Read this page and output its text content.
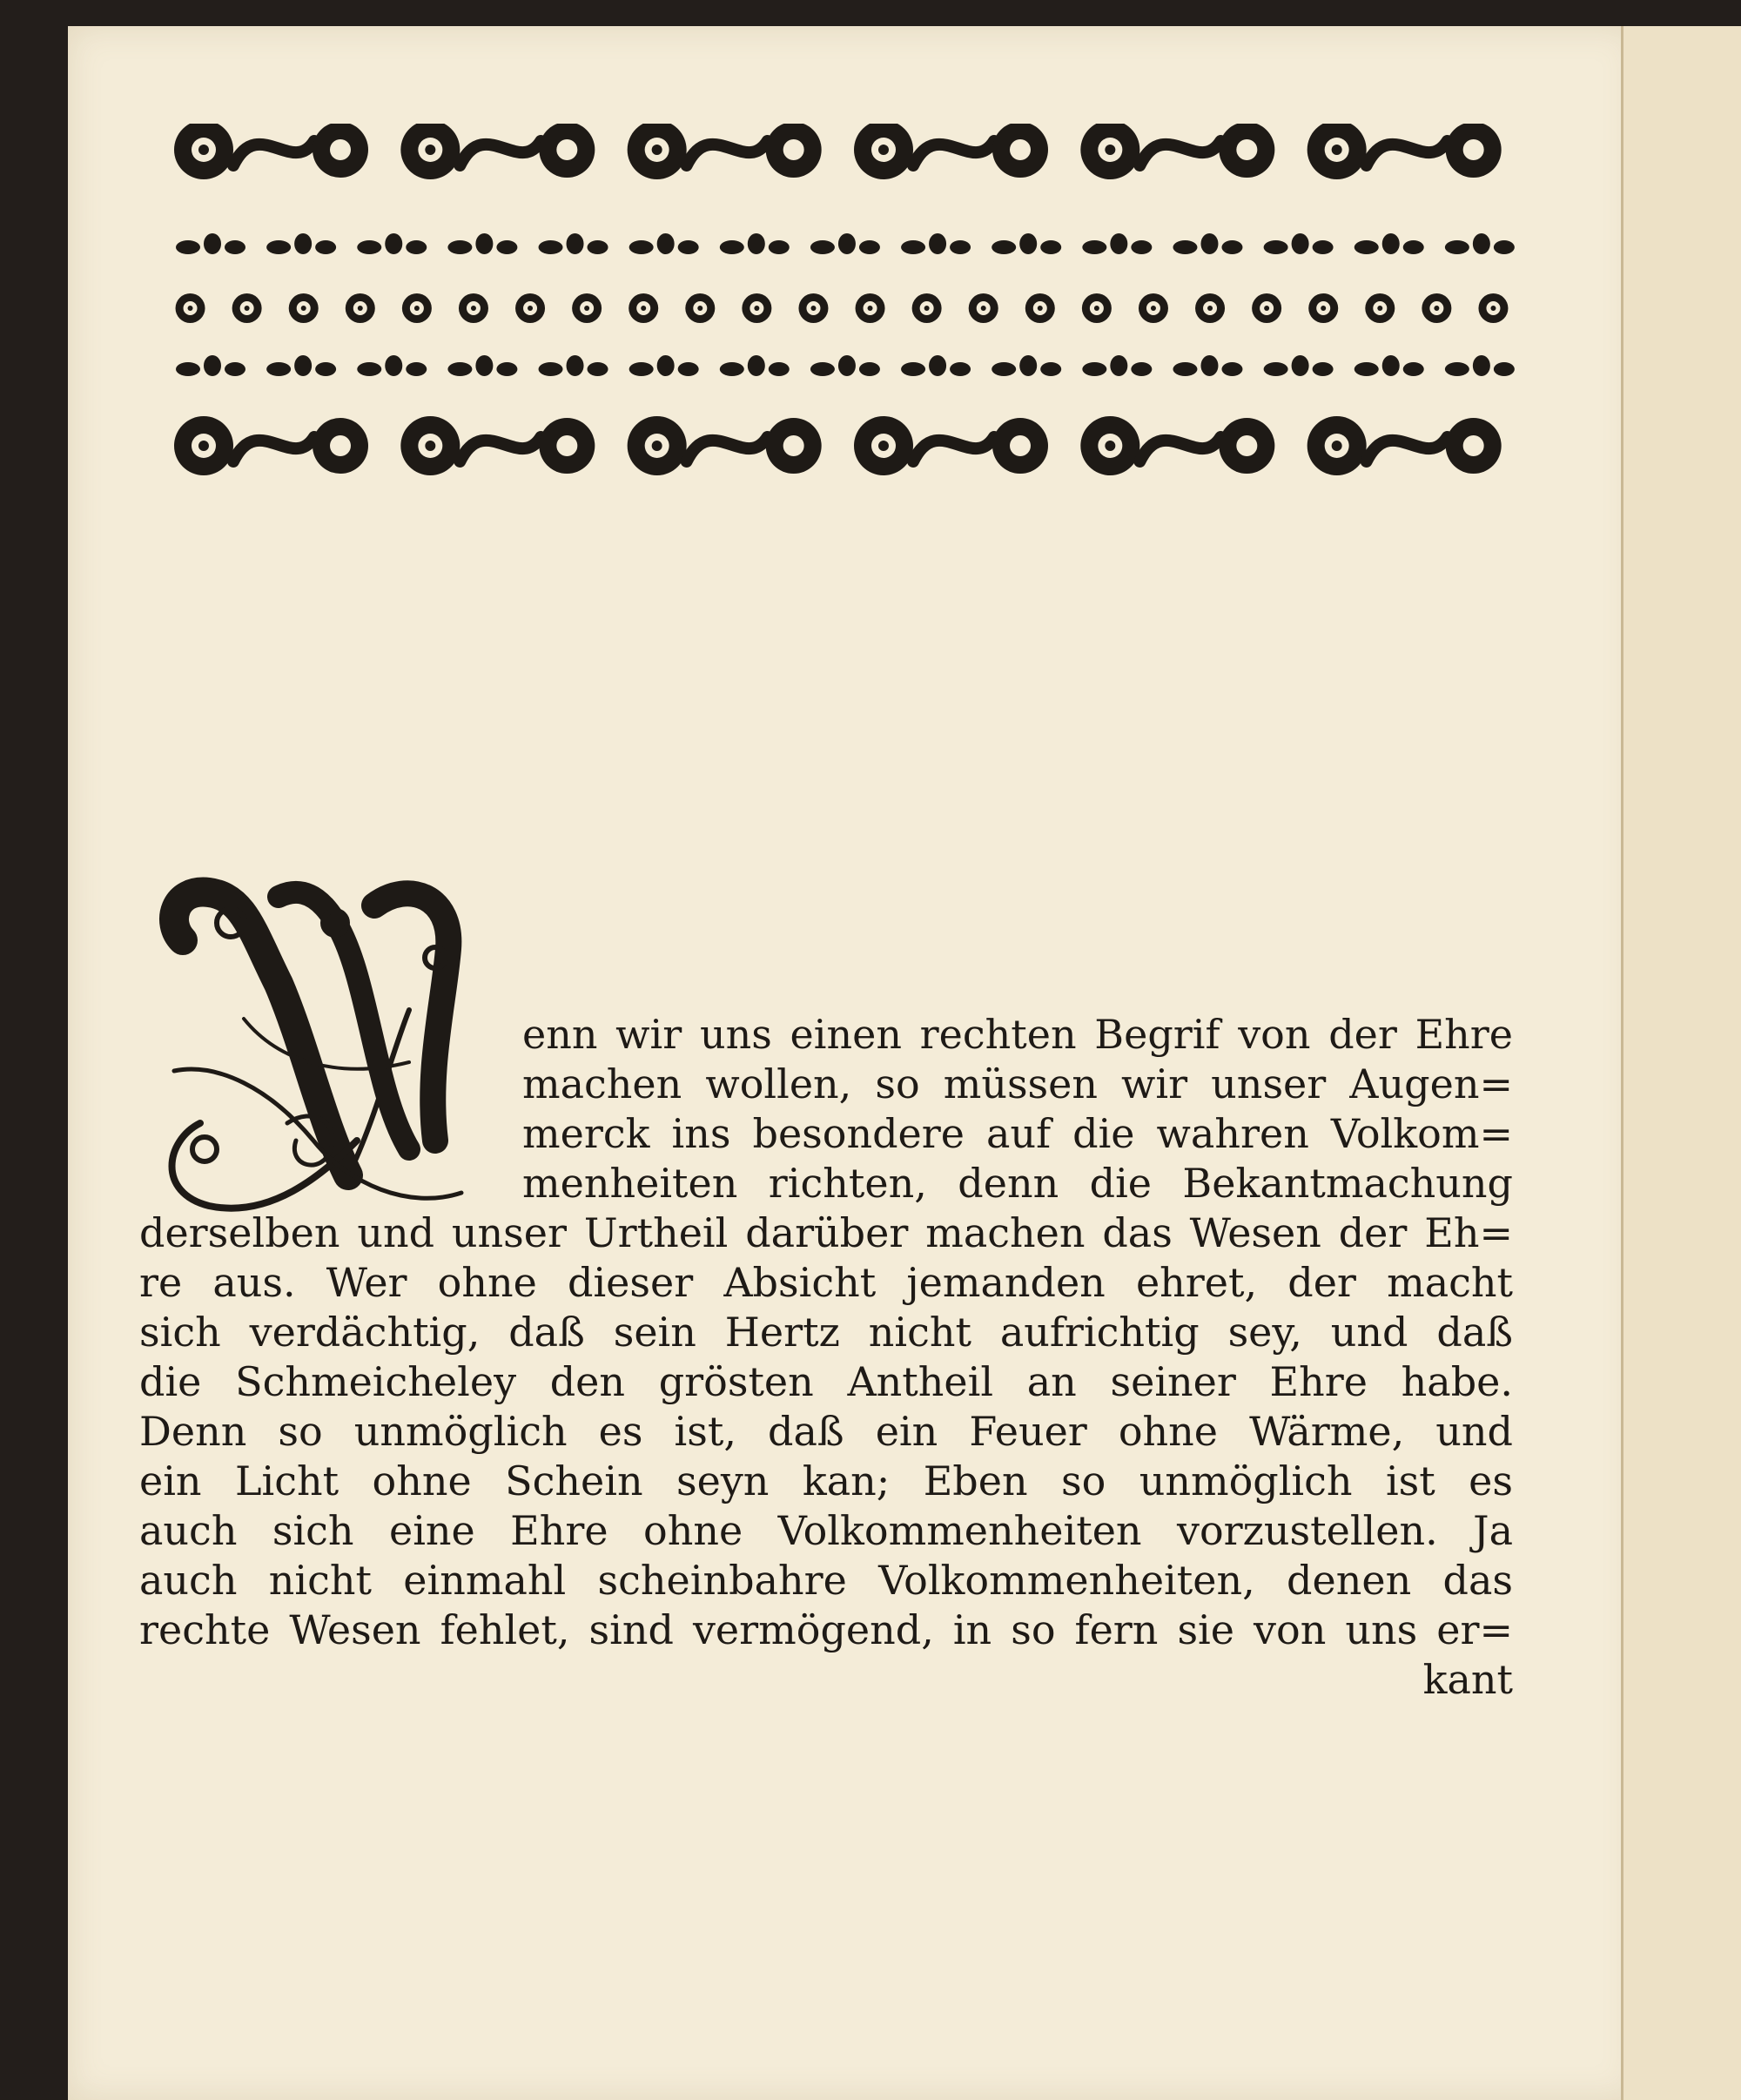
enn wir uns einen rechten Begrif von der Ehre
machen wollen, so müssen wir unser Augen=
merck ins besondere auf die wahren Volkom=
menheiten richten, denn die Bekantmachung
derselben und unser Urtheil darüber machen das Wesen der Eh=
re aus. Wer ohne dieser Absicht jemanden ehret, der macht
sich verdächtig, daß sein Hertz nicht aufrichtig sey, und daß
die Schmeicheley den grösten Antheil an seiner Ehre habe.
Denn so unmöglich es ist, daß ein Feuer ohne Wärme, und
ein Licht ohne Schein seyn kan; Eben so unmöglich ist es
auch sich eine Ehre ohne Volkommenheiten vorzustellen. Ja
auch nicht einmahl scheinbahre Volkommenheiten, denen das
rechte Wesen fehlet, sind vermögend, in so fern sie von uns er=
kant
